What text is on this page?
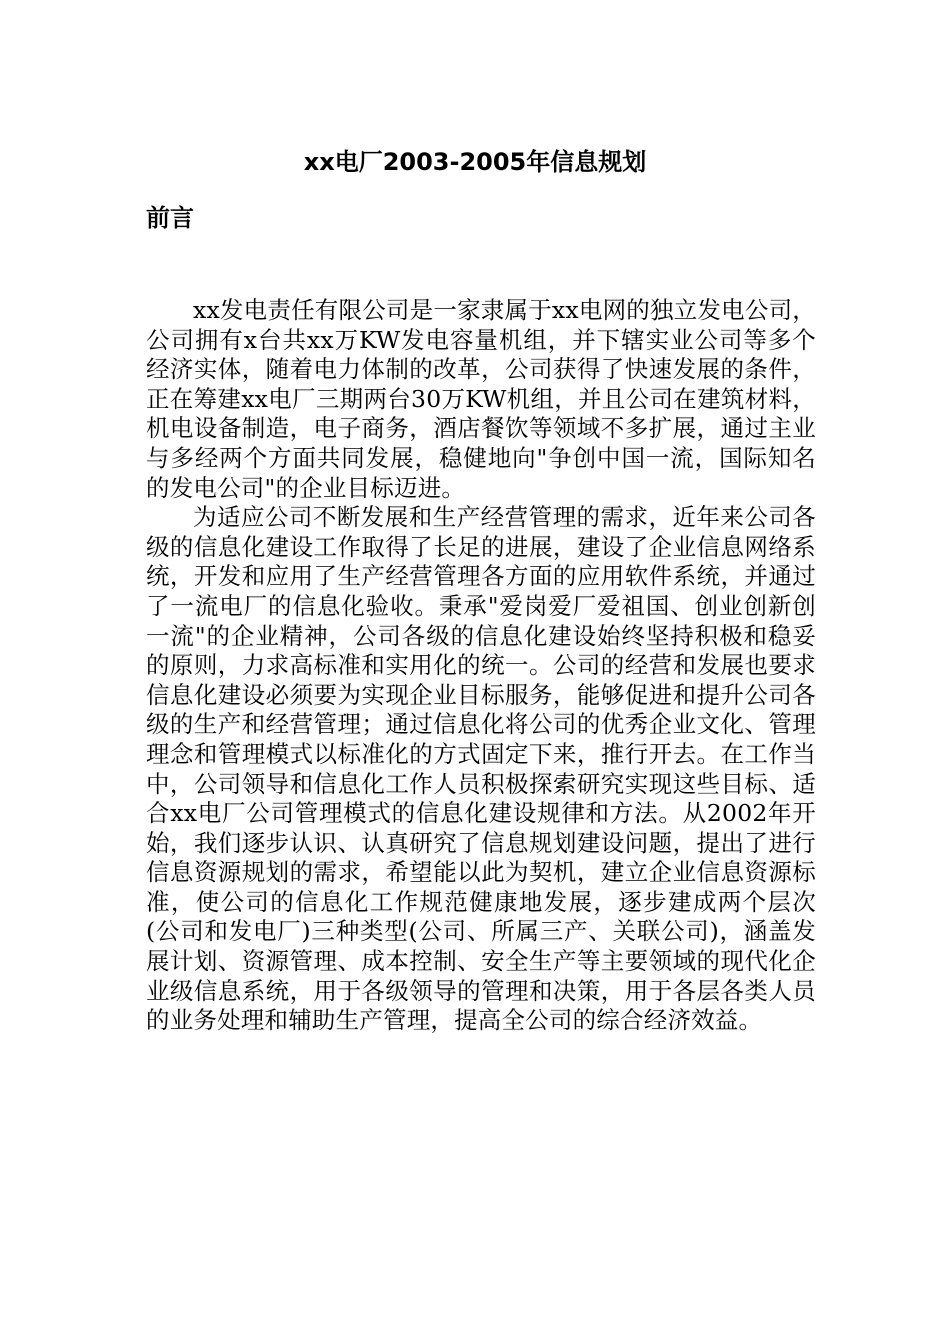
xx电厂2003-2005年信息规划
前言

xx发电责任有限公司是一家隶属于xx电网的独立发电公司，公司拥有x台共xx万KW发电容量机组，并下辖实业公司等多个经济实体，随着电力体制的改革，公司获得了快速发展的条件，正在筹建xx电厂三期两台30万KW机组，并且公司在建筑材料，机电设备制造，电子商务，酒店餐饮等领域不多扩展，通过主业与多经两个方面共同发展，稳健地向"争创中国一流，国际知名的发电公司"的企业目标迈进。

为适应公司不断发展和生产经营管理的需求，近年来公司各级的信息化建设工作取得了长足的进展，建设了企业信息网络系统，开发和应用了生产经营管理各方面的应用软件系统，并通过了一流电厂的信息化验收。秉承"爱岗爱厂爱祖国、创业创新创一流"的企业精神，公司各级的信息化建设始终坚持积极和稳妥的原则，力求高标准和实用化的统一。公司的经营和发展也要求信息化建设必须要为实现企业目标服务，能够促进和提升公司各级的生产和经营管理；通过信息化将公司的优秀企业文化、管理理念和管理模式以标准化的方式固定下来，推行开去。在工作当中，公司领导和信息化工作人员积极探索研究实现这些目标、适合xx电厂公司管理模式的信息化建设规律和方法。从2002年开始，我们逐步认识、认真研究了信息规划建设问题，提出了进行信息资源规划的需求，希望能以此为契机，建立企业信息资源标准，使公司的信息化工作规范健康地发展，逐步建成两个层次(公司和发电厂)三种类型(公司、所属三产、关联公司)，涵盖发展计划、资源管理、成本控制、安全生产等主要领域的现代化企业级信息系统，用于各级领导的管理和决策，用于各层各类人员的业务处理和辅助生产管理，提高全公司的综合经济效益。
